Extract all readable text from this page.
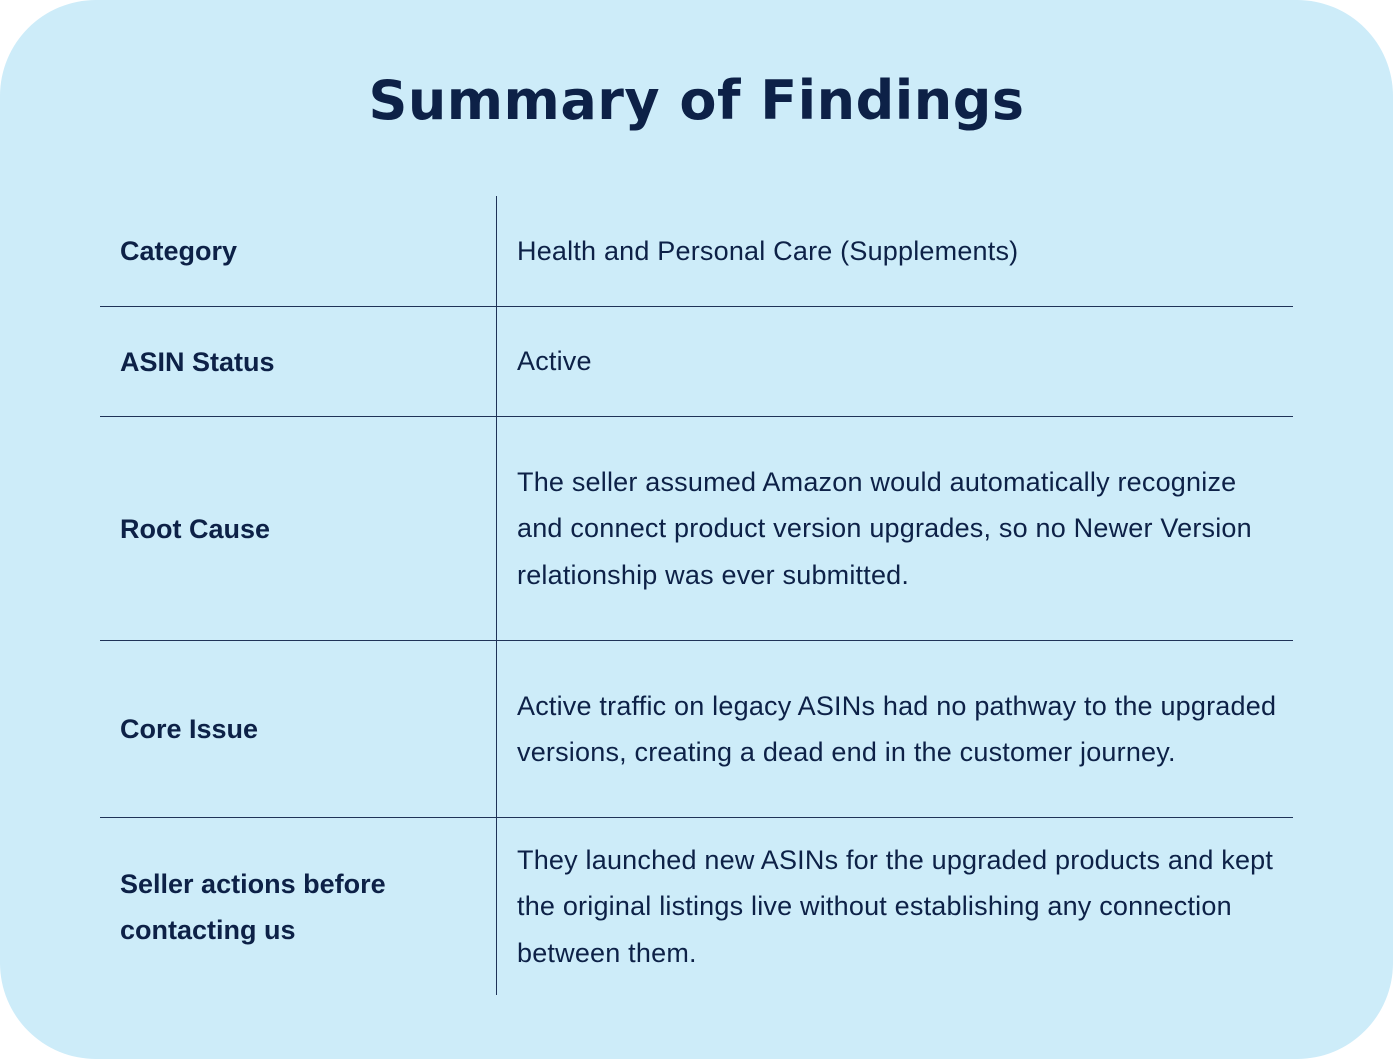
Summary of Findings
Category	Health and Personal Care (Supplements)
ASIN Status	Active
Root Cause
The seller assumed Amazon would automatically recognize and connect product version upgrades, so no Newer Version relationship was ever submitted.
Core Issue
Active traffic on legacy ASINs had no pathway to the upgraded versions, creating a dead end in the customer journey.
Seller actions before contacting us
They launched new ASINs for the upgraded products and kept the original listings live without establishing any connection between them.
